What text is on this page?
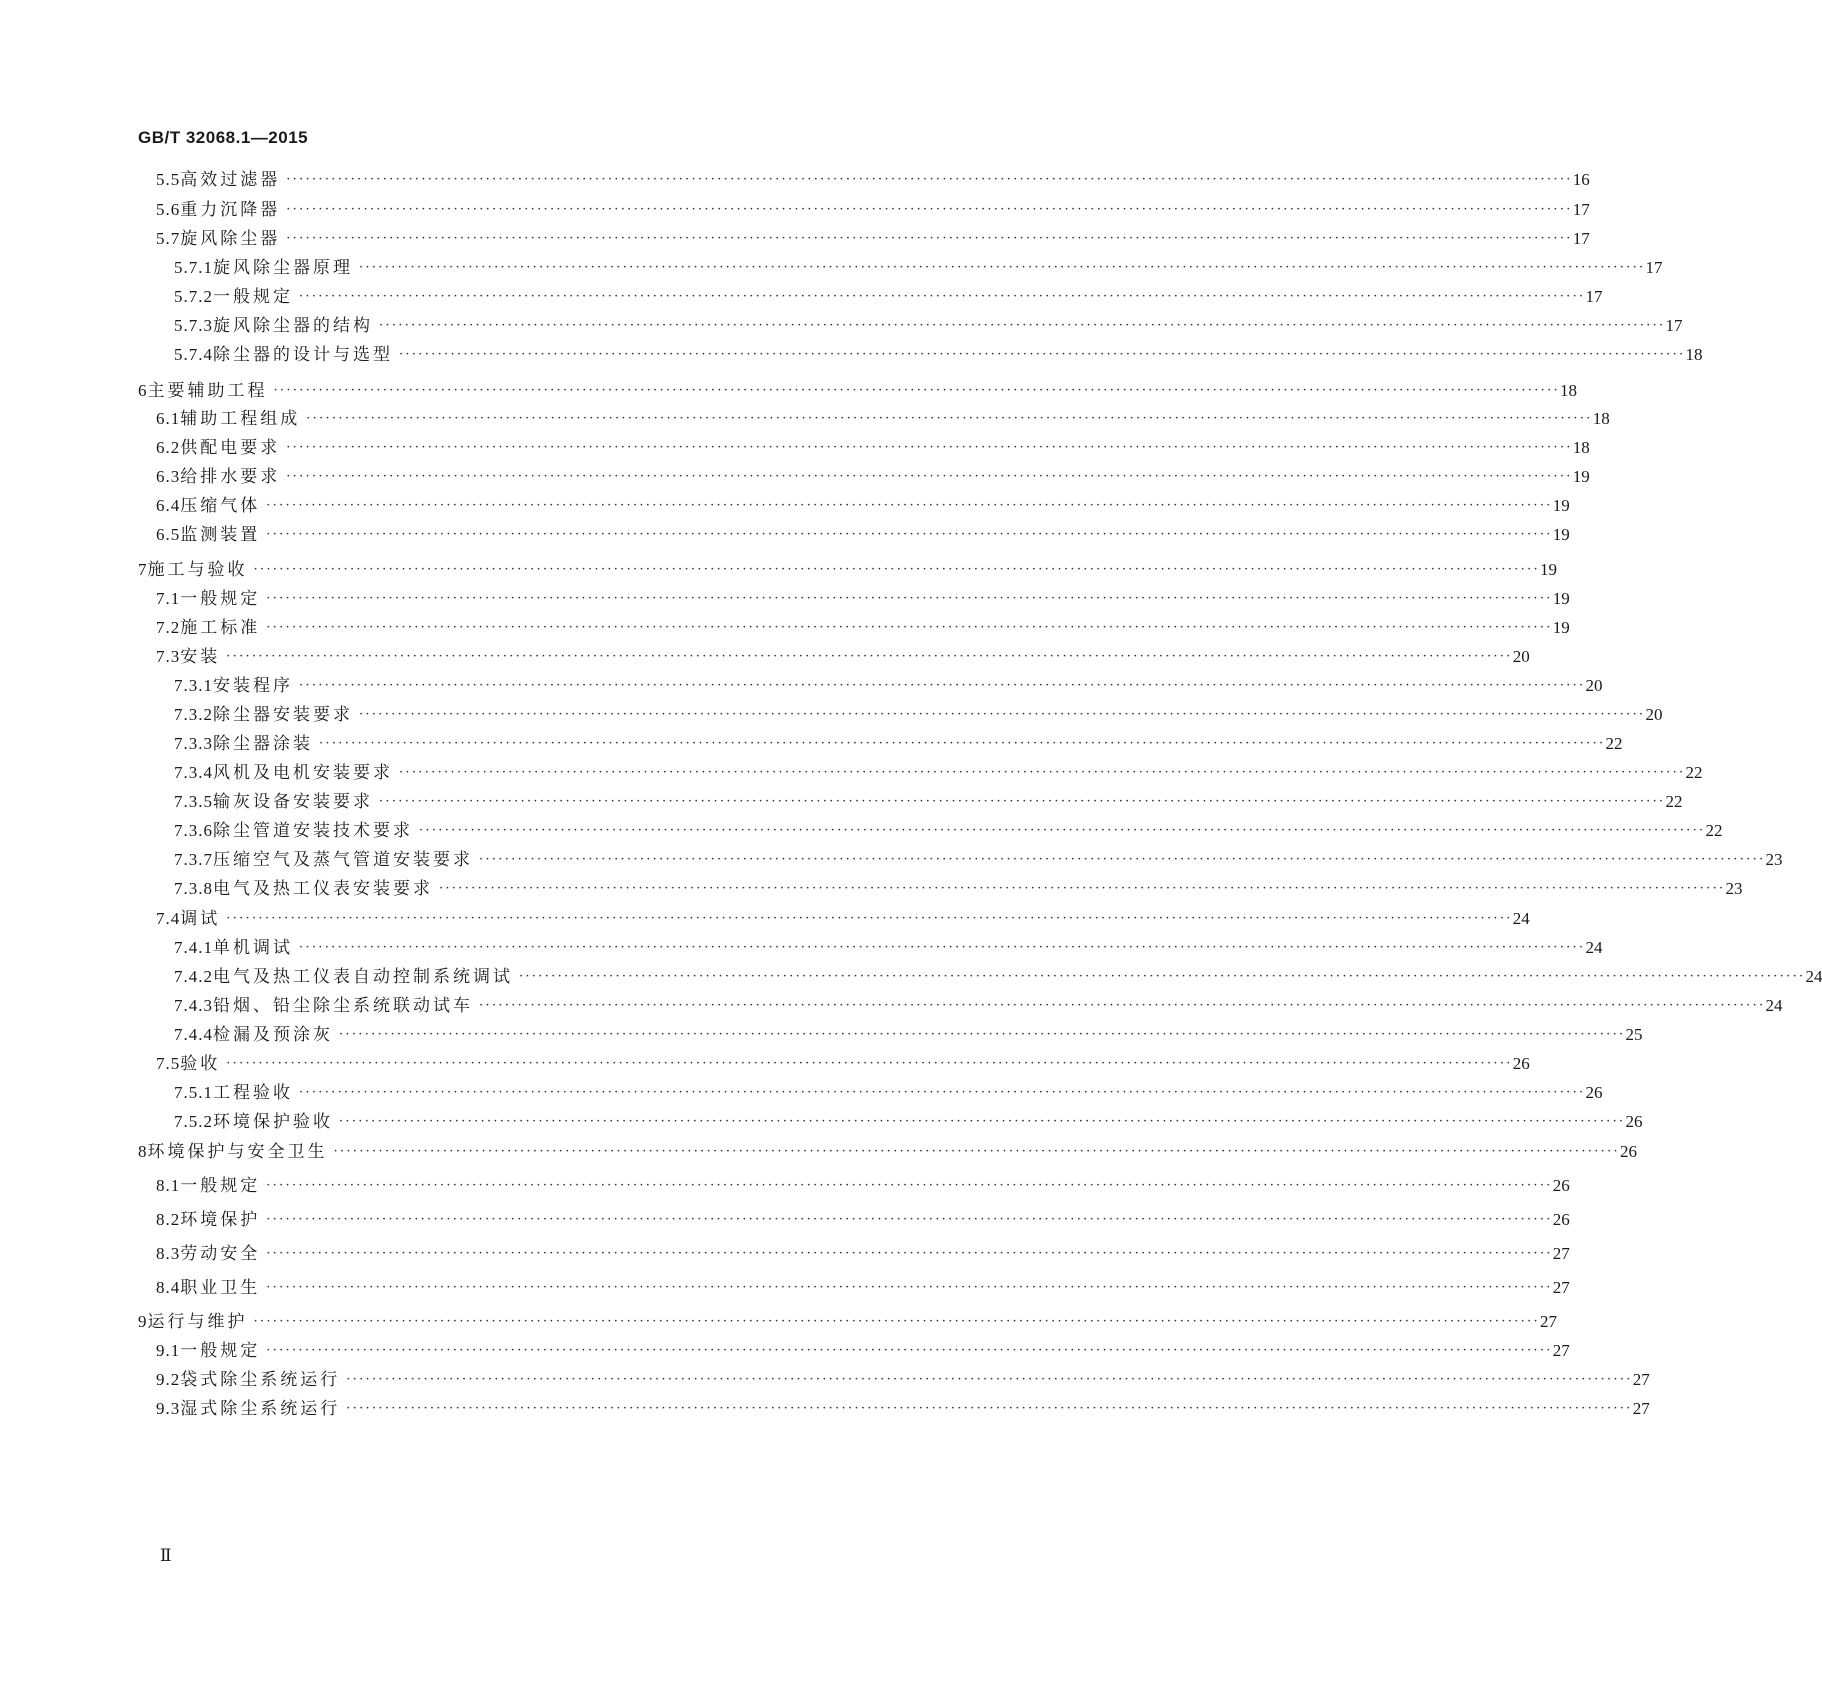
GB/T 32068.1—2015
5.5 高效过滤器 ········································································································································································································ 16
5.6 重力沉降器 ········································································································································································································ 17
5.7 旋风除尘器 ········································································································································································································ 17
5.7.1 旋风除尘器原理 ········································································································································································································ 17
5.7.2 一般规定 ········································································································································································································ 17
5.7.3 旋风除尘器的结构 ········································································································································································································ 17
5.7.4 除尘器的设计与选型 ········································································································································································································ 18
6 主要辅助工程 ········································································································································································································ 18
6.1 辅助工程组成 ········································································································································································································ 18
6.2 供配电要求 ········································································································································································································ 18
6.3 给排水要求 ········································································································································································································ 19
6.4 压缩气体 ········································································································································································································ 19
6.5 监测装置 ········································································································································································································ 19
7 施工与验收 ········································································································································································································ 19
7.1 一般规定 ········································································································································································································ 19
7.2 施工标准 ········································································································································································································ 19
7.3 安装 ········································································································································································································ 20
7.3.1 安装程序 ········································································································································································································ 20
7.3.2 除尘器安装要求 ········································································································································································································ 20
7.3.3 除尘器涂装 ········································································································································································································ 22
7.3.4 风机及电机安装要求 ········································································································································································································ 22
7.3.5 输灰设备安装要求 ········································································································································································································ 22
7.3.6 除尘管道安装技术要求 ········································································································································································································ 22
7.3.7 压缩空气及蒸气管道安装要求 ········································································································································································································ 23
7.3.8 电气及热工仪表安装要求 ········································································································································································································ 23
7.4 调试 ········································································································································································································ 24
7.4.1 单机调试 ········································································································································································································ 24
7.4.2 电气及热工仪表自动控制系统调试 ········································································································································································································ 24
7.4.3 铅烟、铅尘除尘系统联动试车 ········································································································································································································ 24
7.4.4 检漏及预涂灰 ········································································································································································································ 25
7.5 验收 ········································································································································································································ 26
7.5.1 工程验收 ········································································································································································································ 26
7.5.2 环境保护验收 ········································································································································································································ 26
8 环境保护与安全卫生 ········································································································································································································ 26
8.1 一般规定 ········································································································································································································ 26
8.2 环境保护 ········································································································································································································ 26
8.3 劳动安全 ········································································································································································································ 27
8.4 职业卫生 ········································································································································································································ 27
9 运行与维护 ········································································································································································································ 27
9.1 一般规定 ········································································································································································································ 27
9.2 袋式除尘系统运行 ········································································································································································································ 27
9.3 湿式除尘系统运行 ········································································································································································································ 27
Ⅱ
